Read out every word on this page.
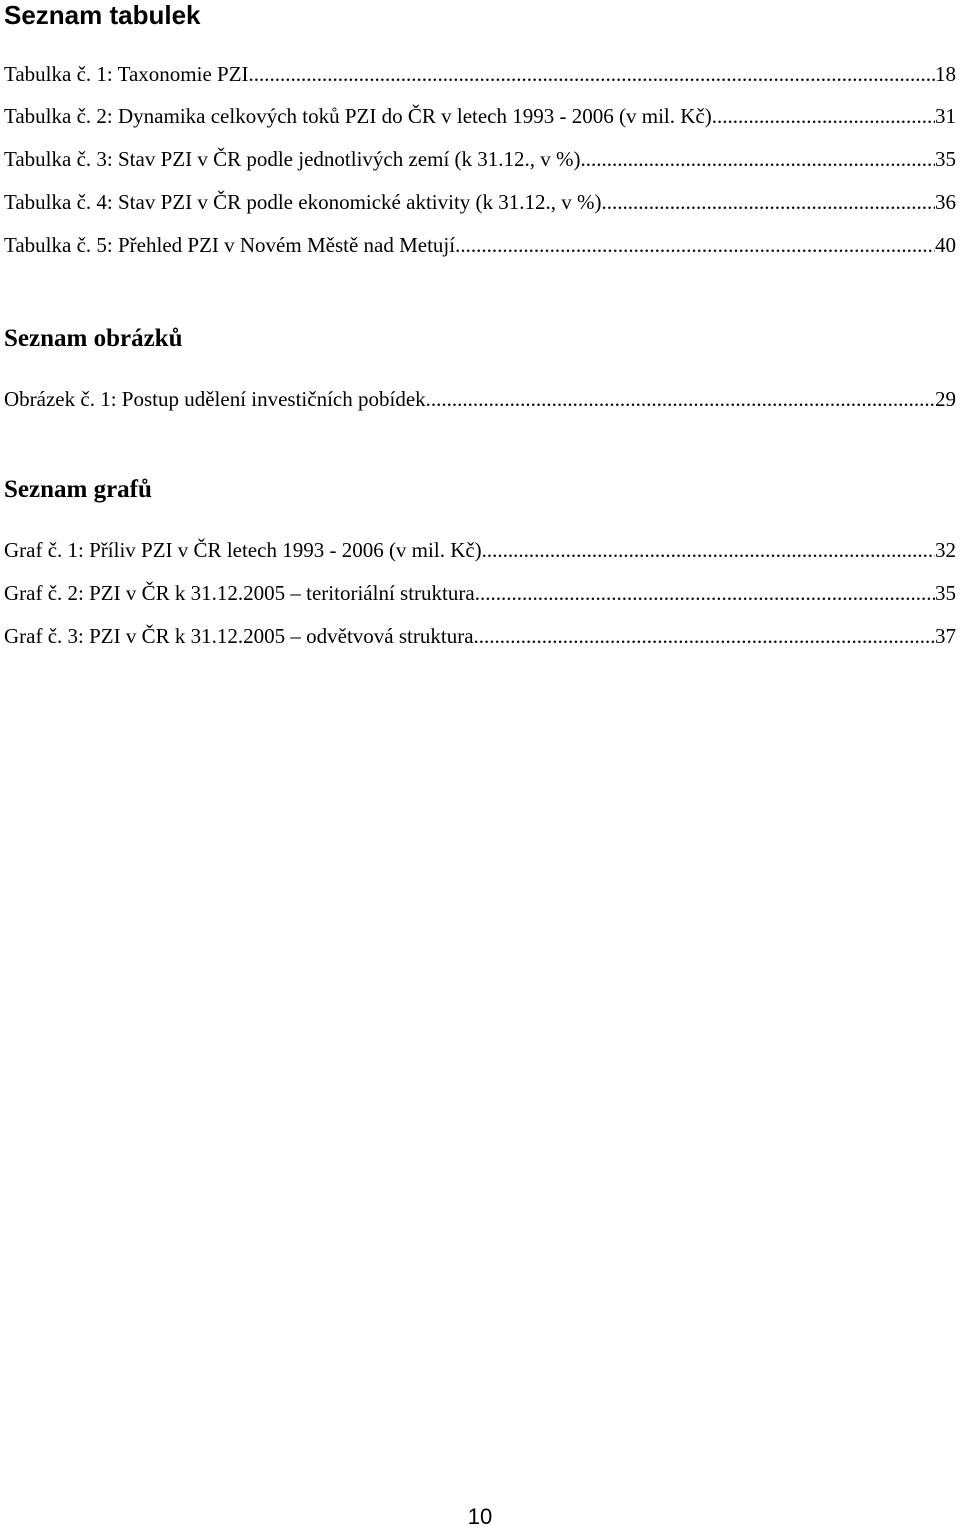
Seznam tabulek
Tabulka č. 1: Taxonomie PZI .....	18
Tabulka č. 2: Dynamika celkových toků PZI do ČR v letech 1993 - 2006 (v mil. Kč) .....	31
Tabulka č. 3: Stav PZI v ČR podle jednotlivých zemí (k 31.12., v %) .....	35
Tabulka č. 4: Stav PZI v ČR podle ekonomické aktivity (k 31.12., v %) .....	36
Tabulka č. 5: Přehled PZI v Novém Městě nad Metují .....	40
Seznam obrázků
Obrázek č. 1: Postup udělení investičních pobídek .....	29
Seznam grafů
Graf č. 1: Příliv PZI v ČR letech 1993 - 2006 (v mil. Kč) .....	32
Graf č. 2: PZI v ČR k 31.12.2005 – teritoriální struktura .....	35
Graf č. 3: PZI v ČR k 31.12.2005 – odvětvová struktura .....	37
10
